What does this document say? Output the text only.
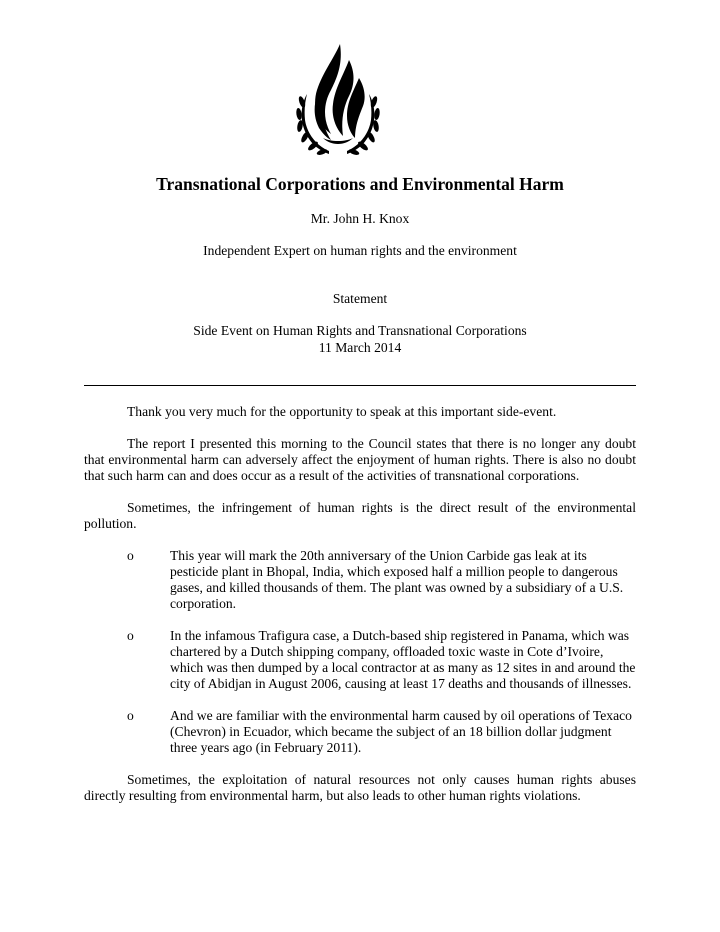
Transnational Corporations and Environmental Harm
Mr. John H. Knox
Independent Expert on human rights and the environment
Statement
Side Event on Human Rights and Transnational Corporations
11 March 2014

Thank you very much for the opportunity to speak at this important side-event.

The report I presented this morning to the Council states that there is no longer any doubt that environmental harm can adversely affect the enjoyment of human rights. There is also no doubt that such harm can and does occur as a result of the activities of transnational corporations.

Sometimes, the infringement of human rights is the direct result of the environmental pollution.

o	This year will mark the 20th anniversary of the Union Carbide gas leak at its pesticide plant in Bhopal, India, which exposed half a million people to dangerous gases, and killed thousands of them. The plant was owned by a subsidiary of a U.S. corporation.
o	In the infamous Trafigura case, a Dutch-based ship registered in Panama, which was chartered by a Dutch shipping company, offloaded toxic waste in Cote d’Ivoire, which was then dumped by a local contractor at as many as 12 sites in and around the city of Abidjan in August 2006, causing at least 17 deaths and thousands of illnesses.
o	And we are familiar with the environmental harm caused by oil operations of Texaco (Chevron) in Ecuador, which became the subject of an 18 billion dollar judgment three years ago (in February 2011).

Sometimes, the exploitation of natural resources not only causes human rights abuses directly resulting from environmental harm, but also leads to other human rights violations.
